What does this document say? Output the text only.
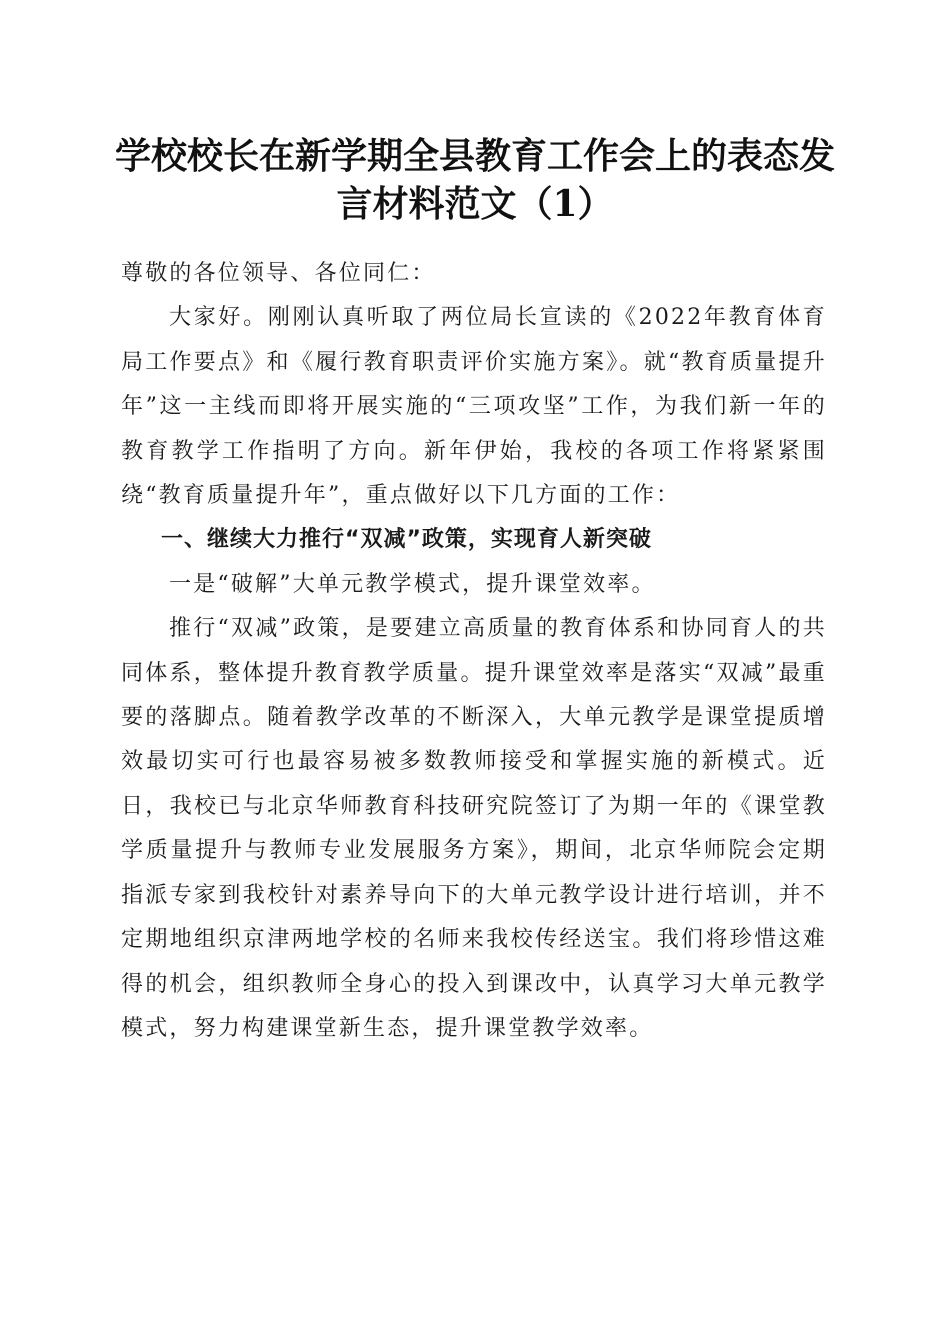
学校校长在新学期全县教育工作会上的表态发言材料范文（1）

尊敬的各位领导、各位同仁：

大家好。刚刚认真听取了两位局长宣读的《2022年教育体育局工作要点》和《履行教育职责评价实施方案》。就“教育质量提升年”这一主线而即将开展实施的“三项攻坚”工作，为我们新一年的教育教学工作指明了方向。新年伊始，我校的各项工作将紧紧围绕“教育质量提升年”，重点做好以下几方面的工作：

一、继续大力推行“双减”政策，实现育人新突破

一是“破解”大单元教学模式，提升课堂效率。

推行“双减”政策，是要建立高质量的教育体系和协同育人的共同体系，整体提升教育教学质量。提升课堂效率是落实“双减”最重要的落脚点。随着教学改革的不断深入，大单元教学是课堂提质增效最切实可行也最容易被多数教师接受和掌握实施的新模式。近日，我校已与北京华师教育科技研究院签订了为期一年的《课堂教学质量提升与教师专业发展服务方案》，期间，北京华师院会定期指派专家到我校针对素养导向下的大单元教学设计进行培训，并不定期地组织京津两地学校的名师来我校传经送宝。我们将珍惜这难得的机会，组织教师全身心的投入到课改中，认真学习大单元教学模式，努力构建课堂新生态，提升课堂教学效率。
